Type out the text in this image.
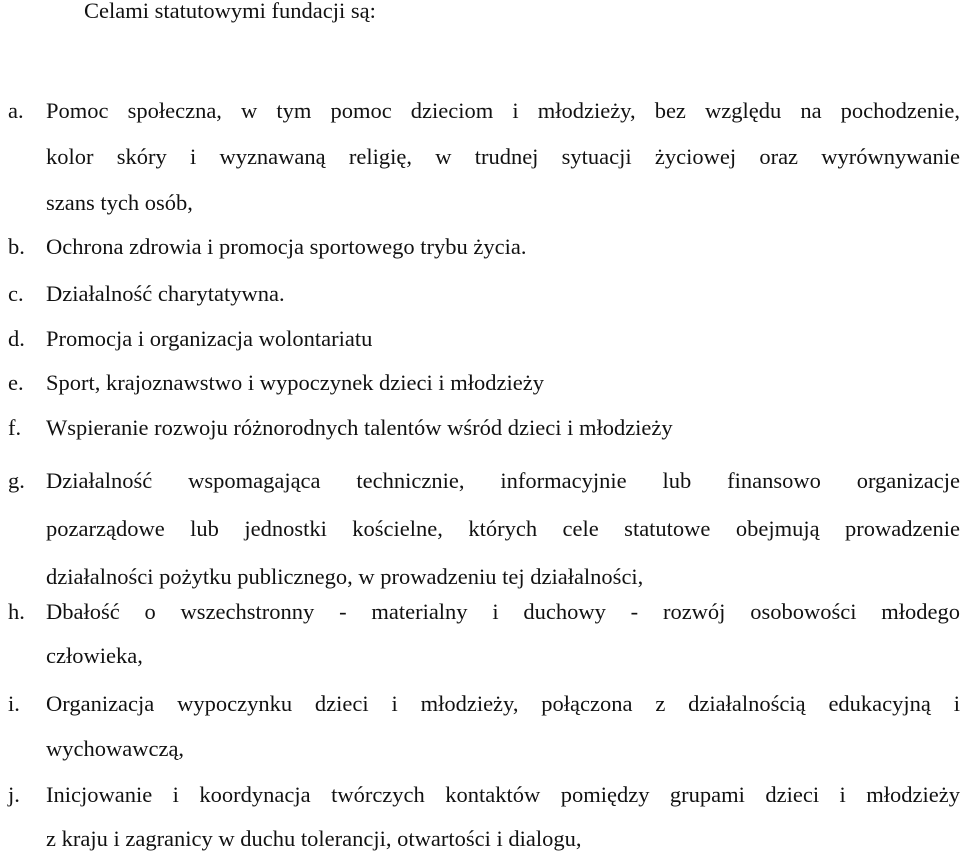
Celami statutowymi fundacji są:
a. Pomoc społeczna, w tym pomoc dzieciom i młodzieży, bez względu na pochodzenie,
kolor skóry i wyznawaną religię, w trudnej sytuacji życiowej oraz wyrównywanie
szans tych osób,
b. Ochrona zdrowia i promocja sportowego trybu życia.
c. Działalność charytatywna.
d. Promocja i organizacja wolontariatu
e. Sport, krajoznawstwo i wypoczynek dzieci i młodzieży
f.	Wspieranie rozwoju różnorodnych talentów wśród dzieci i młodzieży
g. Działalność wspomagająca technicznie, informacyjnie lub finansowo organizacje
pozarządowe lub jednostki kościelne, których cele statutowe obejmują prowadzenie
działalności pożytku publicznego, w prowadzeniu tej działalności,
h. Dbałość o wszechstronny - materialny i duchowy - rozwój osobowości młodego
człowieka,
i.	Organizacja wypoczynku dzieci i młodzieży, połączona z działalnością edukacyjną i
wychowawczą,
j.	Inicjowanie i koordynacja twórczych kontaktów pomiędzy grupami dzieci i młodzieży
z kraju i zagranicy w duchu tolerancji, otwartości i dialogu,
